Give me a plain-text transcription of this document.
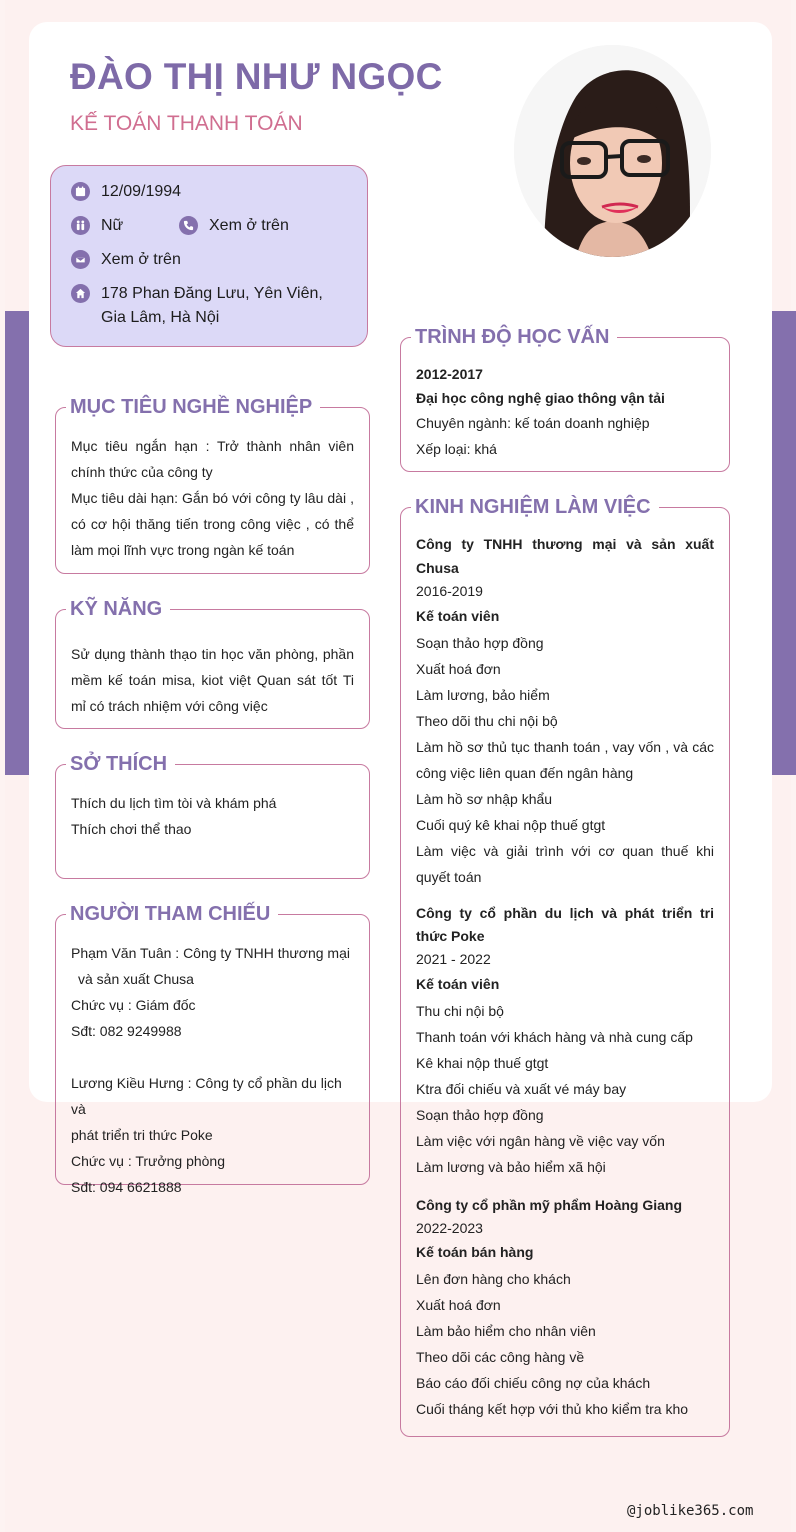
ĐÀO THỊ NHƯ NGỌC
KẾ TOÁN THANH TOÁN
12/09/1994
Nữ	Xem ở trên
Xem ở trên
178 Phan Đăng Lưu, Yên Viên, Gia Lâm, Hà Nội
MỤC TIÊU NGHỀ NGHIỆP
Mục tiêu ngắn hạn : Trở thành nhân viên chính thức của công ty
Mục tiêu dài hạn: Gắn bó với công ty lâu dài , có cơ hội thăng tiến trong công việc , có thể làm mọi lĩnh vực trong ngàn kế toán
KỸ NĂNG
Sử dụng thành thạo tin học văn phòng, phần mềm kế toán misa, kiot việt Quan sát tốt Ti mỉ có trách nhiệm với công việc
SỞ THÍCH
Thích du lịch tìm tòi và khám phá
Thích chơi thể thao
NGƯỜI THAM CHIẾU
Phạm Văn Tuân : Công ty TNHH thương mại
và sản xuất Chusa
Chức vụ : Giám đốc
Sđt: 082 9249988
Lương Kiều Hưng : Công ty cổ phần du lịch và
phát triển tri thức Poke
Chức vụ : Trưởng phòng
Sđt: 094 6621888
TRÌNH ĐỘ HỌC VẤN
2012-2017
Đại học công nghệ giao thông vận tải
Chuyên ngành: kế toán doanh nghiệp
Xếp loại: khá
KINH NGHIỆM LÀM VIỆC
Công ty TNHH thương mại và sản xuất Chusa
2016-2019
Kế toán viên
Soạn thảo hợp đồng
Xuất hoá đơn
Làm lương, bảo hiểm
Theo dõi thu chi nội bộ
Làm hồ sơ thủ tục thanh toán , vay vốn , và các công việc liên quan đến ngân hàng
Làm hồ sơ nhập khẩu
Cuối quý kê khai nộp thuế gtgt
Làm việc và giải trình với cơ quan thuế khi quyết toán
Công ty cổ phần du lịch và phát triển tri thức Poke
2021 - 2022
Kế toán viên
Thu chi nội bộ
Thanh toán với khách hàng và nhà cung cấp
Kê khai nộp thuế gtgt
Ktra đối chiếu và xuất vé máy bay
Soạn thảo hợp đồng
Làm việc với ngân hàng về việc vay vốn
Làm lương và bảo hiểm xã hội
Công ty cổ phần mỹ phẩm Hoàng Giang
2022-2023
Kế toán bán hàng
Lên đơn hàng cho khách
Xuất hoá đơn
Làm bảo hiểm cho nhân viên
Theo dõi các công hàng về
Báo cáo đối chiếu công nợ của khách
Cuối tháng kết hợp với thủ kho kiểm tra kho
@joblike365.com
